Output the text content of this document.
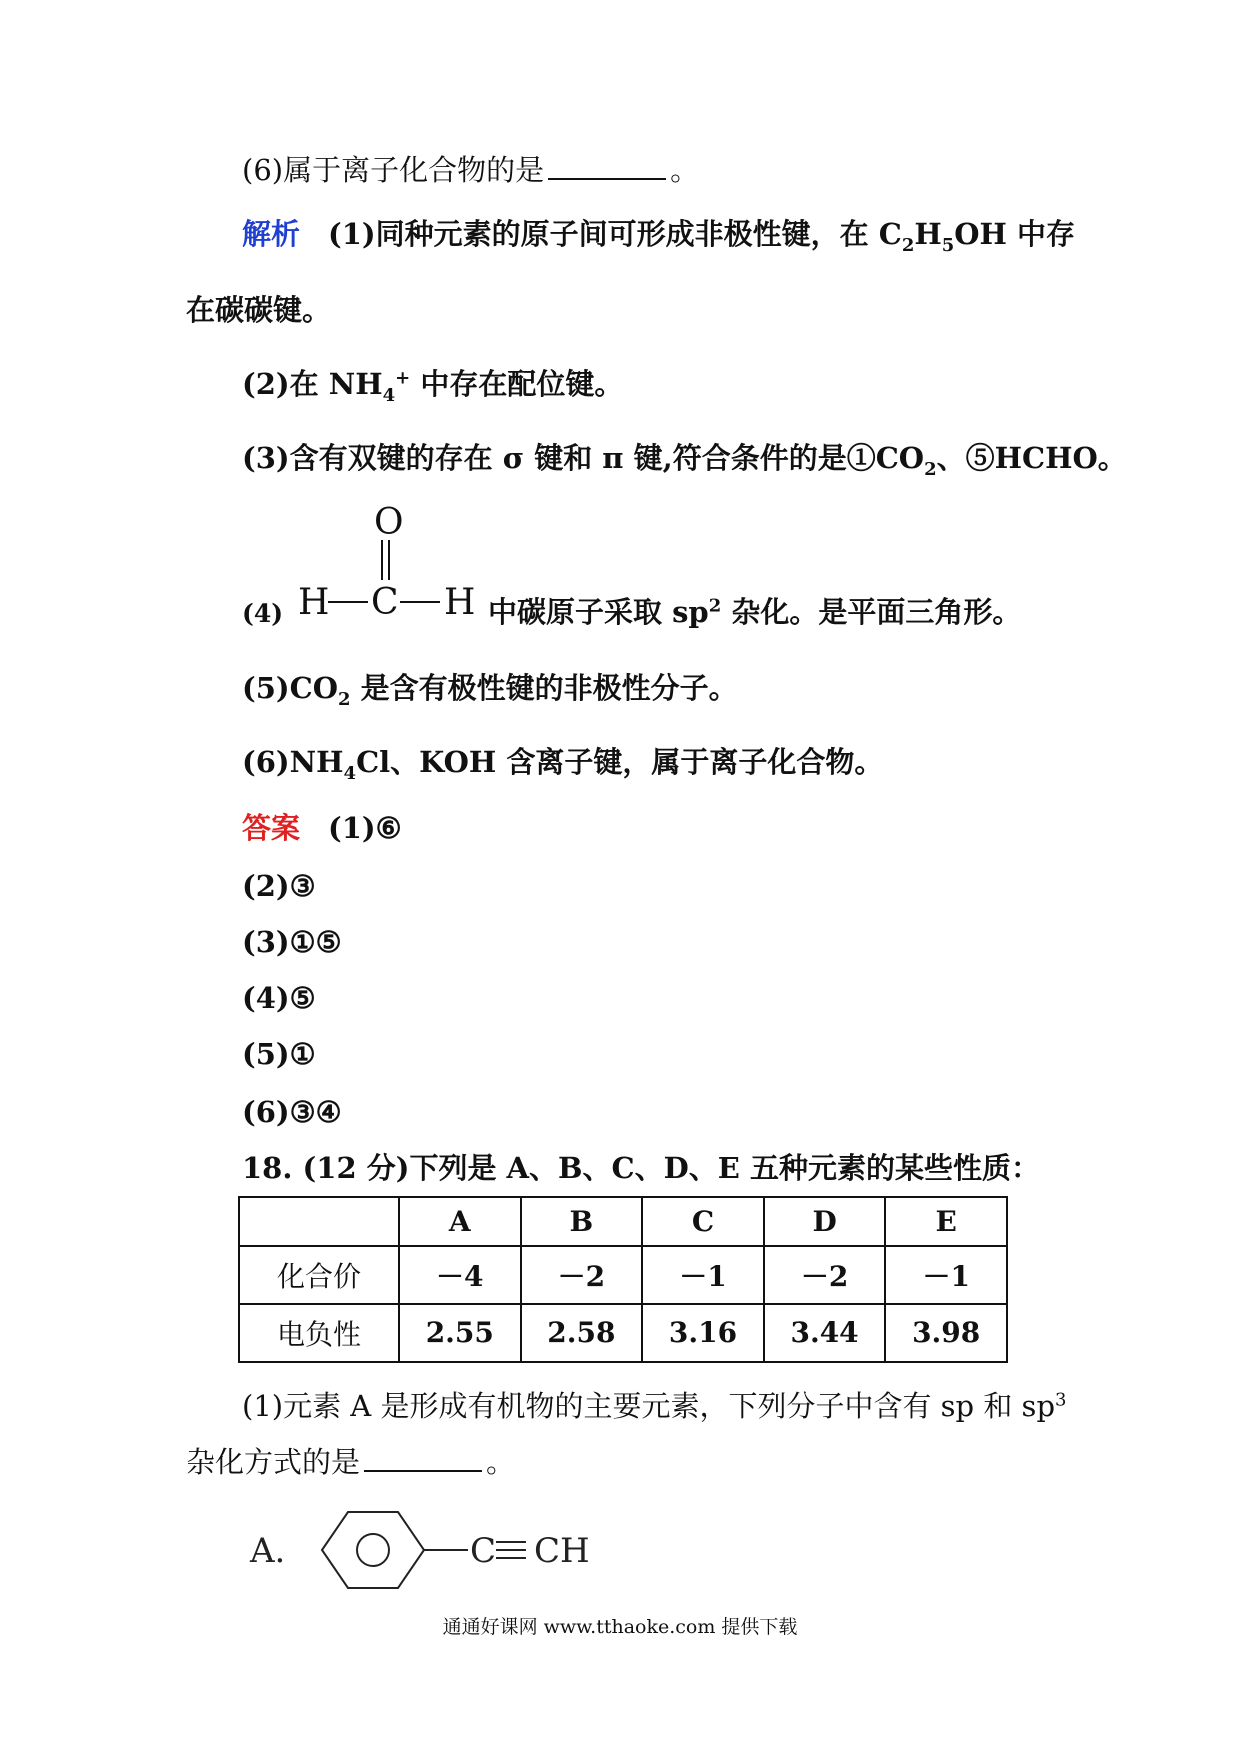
(6)属于离子化合物的是	。
解析 (1)同种元素的原子间可形成非极性键，在 $C_2H_5OH$ 中存
在碳碳键。
(2)在 $NH_4^+$ 中存在配位键。
(3)含有双键的存在 σ 键和 π 键,符合条件的是$①CO_2$、⑤HCHO。
(4)
O
H C H 中碳原子采取 $sp^2$ 杂化。是平面三角形。
$(5)CO_2$ 是含有极性键的非极性分子。
$(6)NH_4Cl$、KOH 含离子键，属于离子化合物。
答案 (1)⑥
(2)③
(3)①⑤
(4)⑤
(5)①
(6)③④
18. (12 分)下列是 A、B、C、D、E 五种元素的某些性质：
	A	B	C	D	E
化合价	－4	－2	－1	－2	－1
电负性	2.55	2.58	3.16	3.44	3.98
(1)元素 A 是形成有机物的主要元素，下列分子中含有 sp 和 $sp^3$
杂化方式的是	。
A.	C CH
通通好课网 www.tthaoke.com 提供下载
